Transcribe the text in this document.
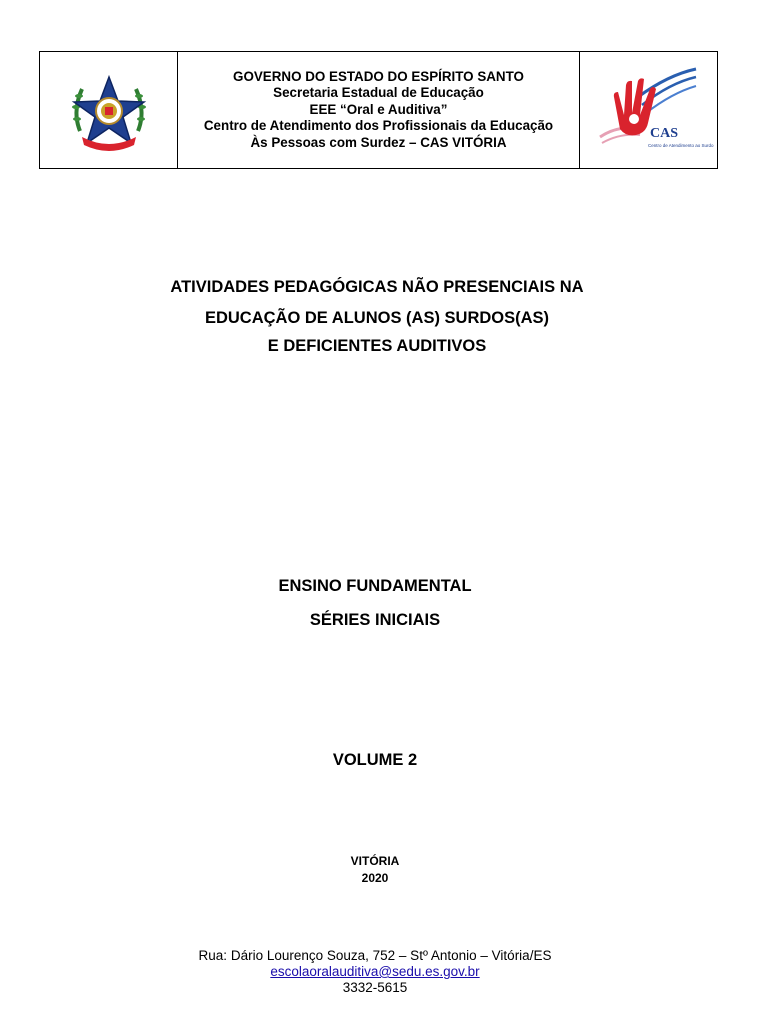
GOVERNO DO ESTADO DO ESPÍRITO SANTO
Secretaria Estadual de Educação
EEE “Oral e Auditiva”
Centro de Atendimento dos Profissionais da Educação
Às Pessoas com Surdez – CAS VITÓRIA
CAS
Centro de Atendimento ao Surdo
ATIVIDADES PEDAGÓGICAS NÃO PRESENCIAIS NA
EDUCAÇÃO DE ALUNOS (AS) SURDOS(AS)
E DEFICIENTES AUDITIVOS
ENSINO FUNDAMENTAL
SÉRIES INICIAIS
VOLUME 2
VITÓRIA
2020
Rua: Dário Lourenço Souza, 752 – Stº Antonio – Vitória/ES
escolaoralauditiva@sedu.es.gov.br
3332-5615
